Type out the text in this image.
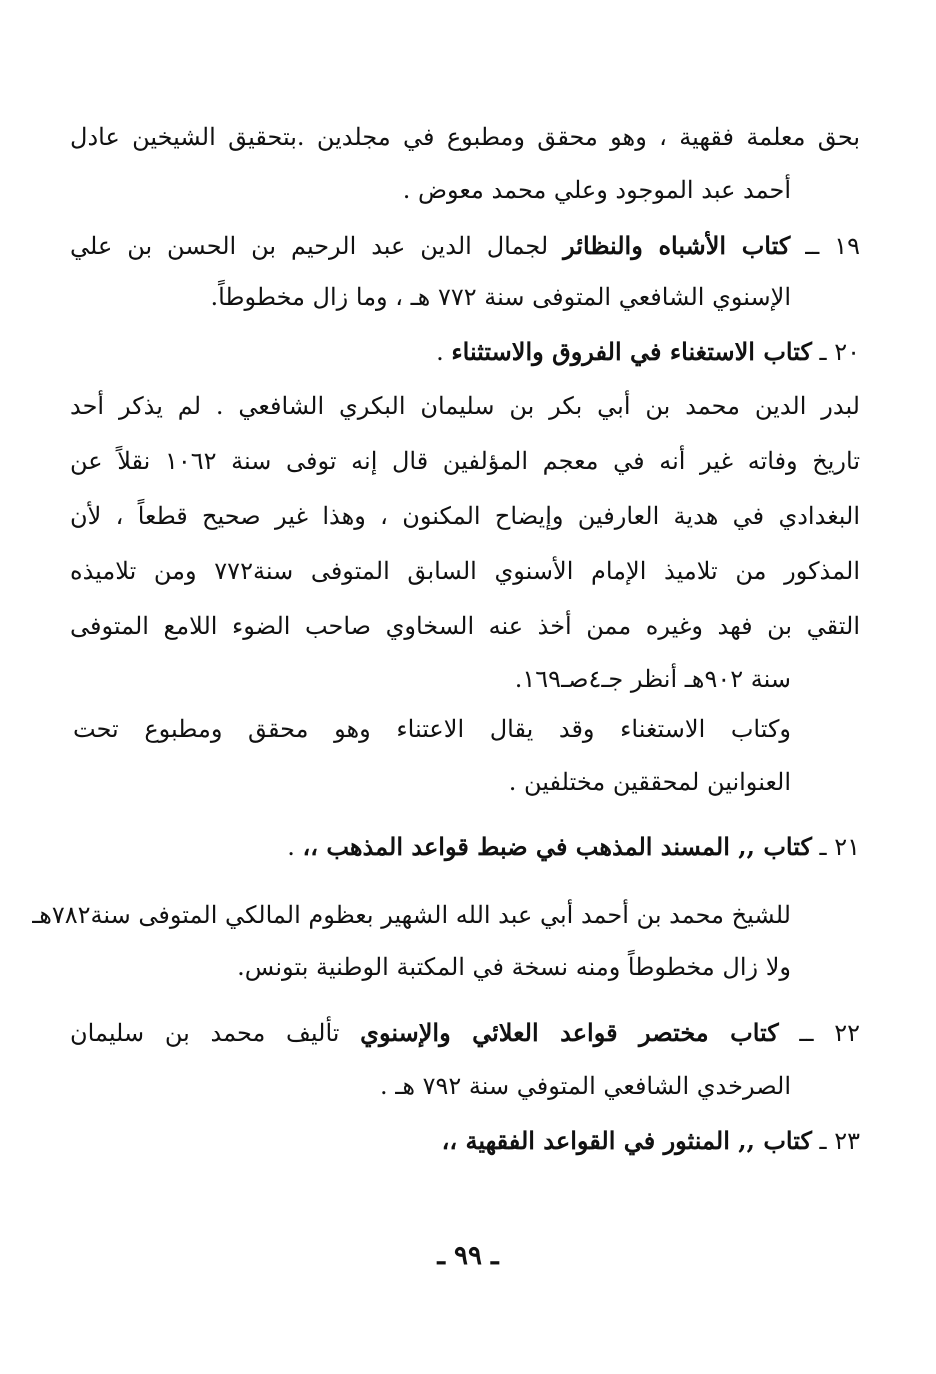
بحق معلمة فقهية ، وهو محقق ومطبوع في مجلدين .بتحقيق الشيخين عادل
أحمد عبد الموجود وعلي محمد معوض .
١٩ ــ كتاب الأشباه والنظائر لجمال الدين عبد الرحيم بن الحسن بن علي
الإسنوي الشافعي المتوفى سنة ٧٧٢ هـ ، وما زال مخطوطاً.
٢٠ ـ كتاب الاستغناء في الفروق والاستثناء .
لبدر الدين محمد بن أبي بكر بن سليمان البكري الشافعي . لم يذكر أحد
تاريخ وفاته غير أنه في معجم المؤلفين قال إنه توفى سنة ١٠٦٢ نقلاً عن
البغدادي في هدية العارفين وإيضاح المكنون ، وهذا غير صحيح قطعاً ، لأن
المذكور من تلاميذ الإمام الأسنوي السابق المتوفى سنة٧٧٢ ومن تلاميذه
التقي بن فهد وغيره ممن أخذ عنه السخاوي صاحب الضوء اللامع المتوفى
سنة ٩٠٢هـ أنظر جـ٤صـ١٦٩.
وكتاب الاستغناء وقد يقال الاعتناء وهو محقق ومطبوع تحت
العنوانين لمحققين مختلفين .
٢١ ـ كتاب ,, المسند المذهب في ضبط قواعد المذهب ،، .
للشيخ محمد بن أحمد أبي عبد الله الشهير بعظوم المالكي المتوفى سنة٧٨٢هـ
ولا زال مخطوطاً ومنه نسخة في المكتبة الوطنية بتونس.
٢٢ ــ كتاب مختصر قواعد العلائي والإسنوي تأليف محمد بن سليمان
الصرخدي الشافعي المتوفي سنة ٧٩٢ هـ .
٢٣ ـ كتاب ,, المنثور في القواعد الفقهية ،،
ـ ٩٩ ـ
